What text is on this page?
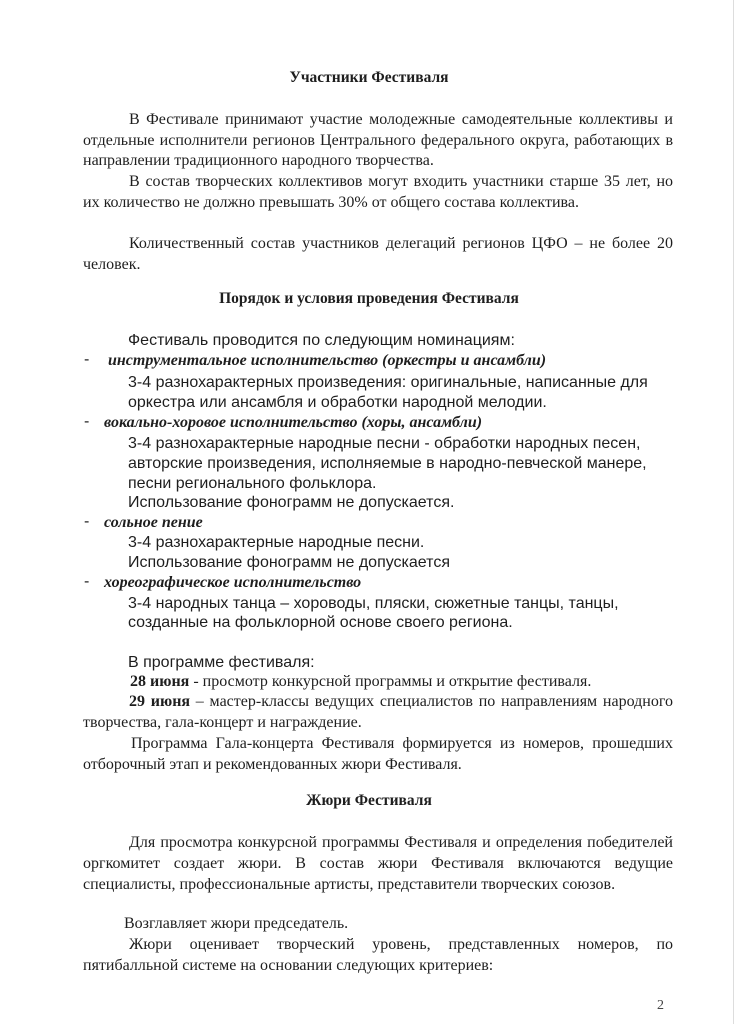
Участники Фестиваля

В Фестивале принимают участие молодежные самодеятельные коллективы и отдельные исполнители регионов Центрального федерального округа, работающих в направлении традиционного народного творчества.

В состав творческих коллективов могут входить участники старше 35 лет, но их количество не должно превышать 30% от общего состава коллектива.

Количественный состав участников делегаций регионов ЦФО – не более 20 человек.

Порядок и условия проведения Фестиваля
Фестиваль проводится по следующим номинациям:
- инструментальное исполнительство (оркестры и ансамбли)
3-4 разнохарактерных произведения: оригинальные, написанные для
оркестра или ансамбля и обработки народной мелодии.
- вокально-хоровое исполнительство (хоры, ансамбли)
3-4 разнохарактерные народные песни - обработки народных песен,
авторские произведения, исполняемые в народно-певческой манере,
песни регионального фольклора.
Использование фонограмм не допускается.
- сольное пение
3-4 разнохарактерные народные песни.
Использование фонограмм не допускается
- хореографическое исполнительство
3-4 народных танца – хороводы, пляски, сюжетные танцы, танцы,
созданные на фольклорной основе своего региона.
В программе фестиваля:
28 июня - просмотр конкурсной программы и открытие фестиваля.

29 июня – мастер-классы ведущих специалистов по направлениям народного творчества, гала-концерт и награждение.

Программа Гала-концерта Фестиваля формируется из номеров, прошедших отборочный этап и рекомендованных жюри Фестиваля.

Жюри Фестиваля

Для просмотра конкурсной программы Фестиваля и определения победителей оргкомитет создает жюри. В состав жюри Фестиваля включаются ведущие специалисты, профессиональные артисты, представители творческих союзов.

Возглавляет жюри председатель.

Жюри оценивает творческий уровень, представленных номеров, по пятибалльной системе на основании следующих критериев:

2
